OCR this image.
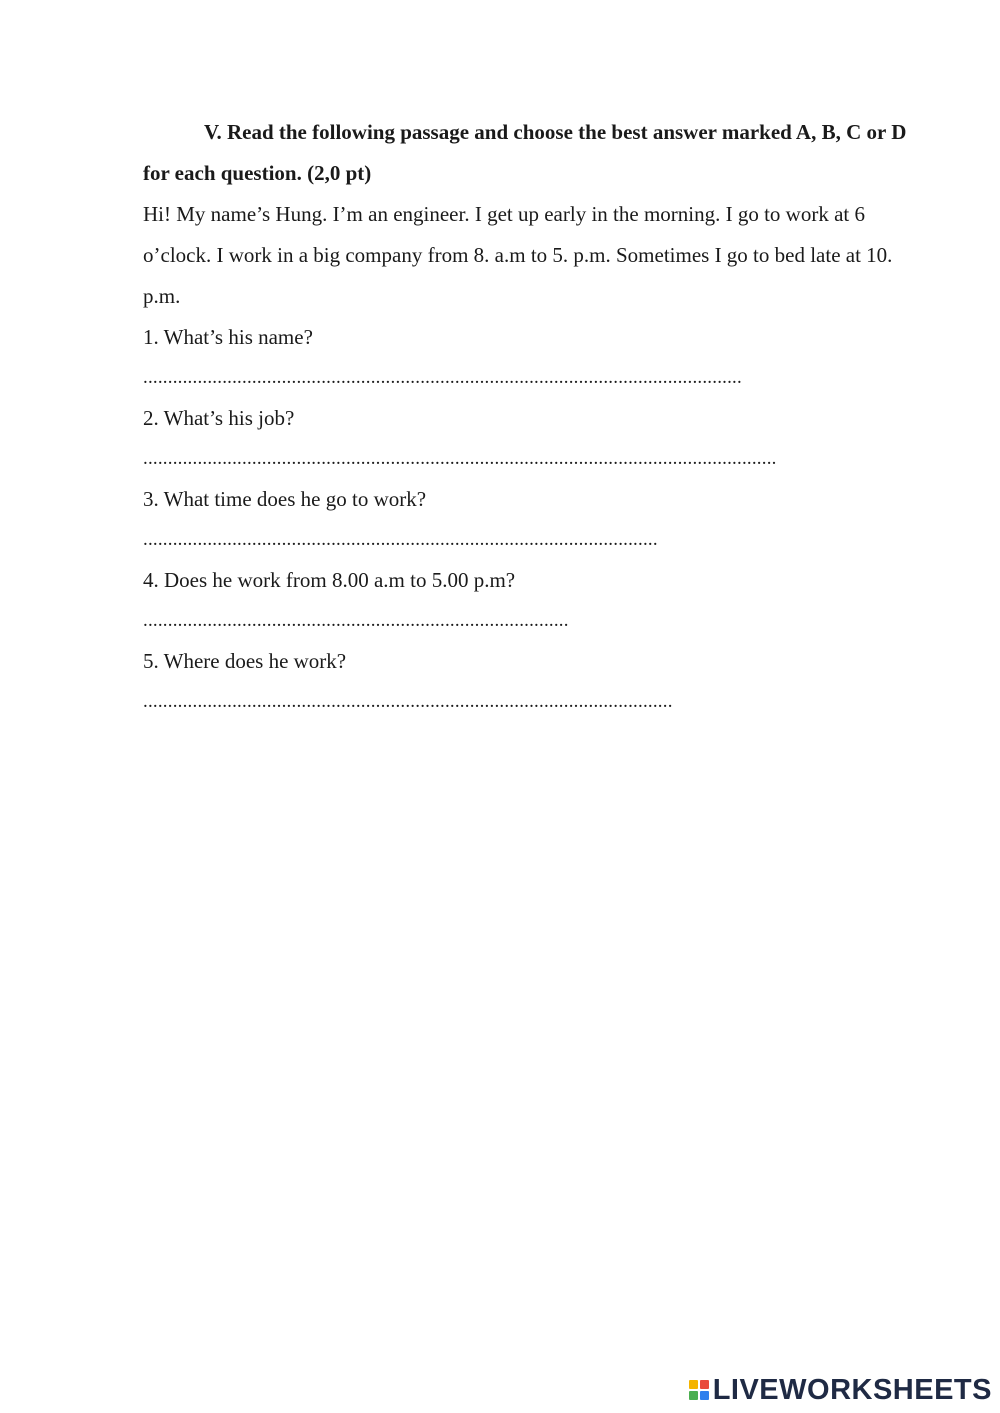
V. Read the following passage and choose the best answer marked A, B, C or D for each question. (2,0 pt)

Hi! My name’s Hung. I’m an engineer. I get up early in the morning. I go to work at 6 o’clock. I work in a big company from 8. a.m to 5. p.m. Sometimes I go to bed late at 10. p.m.

1. What’s his name?

.........................................................................................................................

2. What’s his job?

................................................................................................................................

3. What time does he go to work?

........................................................................................................

4. Does he work from 8.00 a.m to 5.00 p.m?

......................................................................................

5. Where does he work?

...........................................................................................................

LIVEWORKSHEETS
